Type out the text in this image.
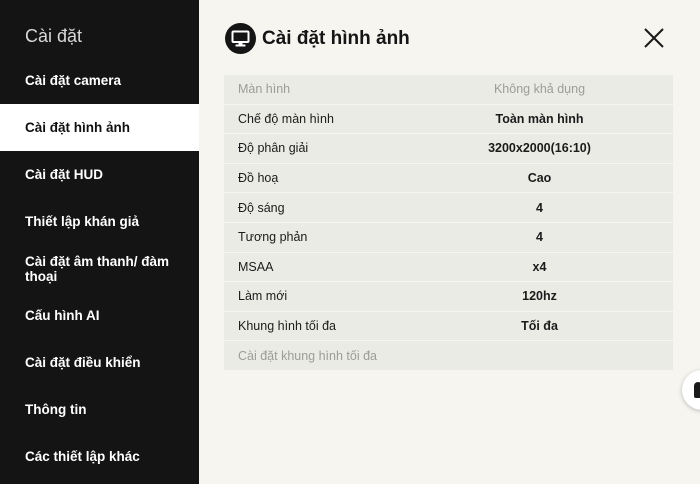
Cài đặt
Cài đặt camera
Cài đặt hình ảnh
Cài đặt HUD
Thiết lập khán giả
Cài đặt âm thanh/ đàm thoại
Cấu hình AI
Cài đặt điều khiển
Thông tin
Các thiết lập khác
Cài đặt hình ảnh
Màn hình	Không khả dụng
Chế độ màn hình	Toàn màn hình
Độ phân giải	3200x2000(16:10)
Đồ hoạ	Cao
Độ sáng	4
Tương phản	4
MSAA	x4
Làm mới	120hz
Khung hình tối đa	Tối đa
Cài đặt khung hình tối đa
